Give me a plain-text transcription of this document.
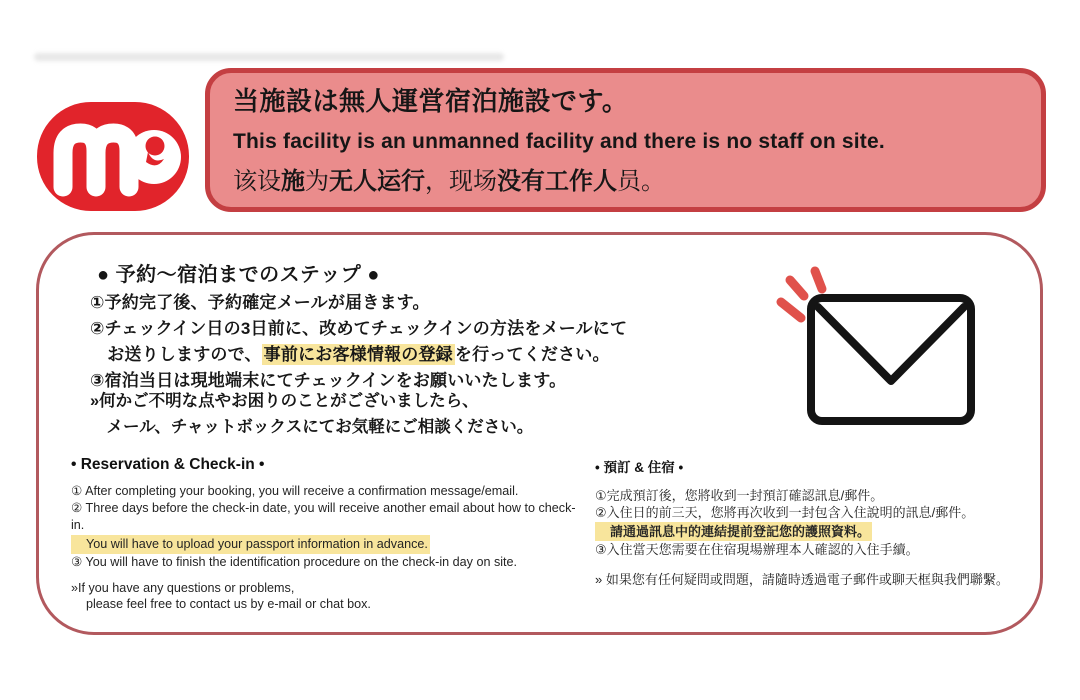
当施設は無人運営宿泊施設です。
This facility is an unmanned facility and there is no staff on site.
该设施为无人运行，现场没有工作人员。
● 予約～宿泊までのステップ ●
①予約完了後、予約確定メールが届きます。
②チェックイン日の3日前に、改めてチェックインの方法をメールにて
　お送りしますので、 事前にお客様情報の登録 を行ってください。
③宿泊当日は現地端末にてチェックインをお願いいたします。
»何かご不明な点やお困りのことがございましたら、
　メール、チャットボックスにてお気軽にご相談ください。
• Reservation & Check-in •
① After completing your booking, you will receive a confirmation message/email.
② Three days before the check-in date, you will receive another email about how to check-in.
You will have to upload your passport information in advance.
③ You will have to finish the identification procedure on the check-in day on site.
»If you have any questions or problems,
please feel free to contact us by e-mail or chat box.
• 預訂 & 住宿 •
①完成預訂後，您將收到一封預訂確認訊息/郵件。
②入住日的前三天，您將再次收到一封包含入住說明的訊息/郵件。
請通過訊息中的連結提前登記您的護照資料。
③入住當天您需要在住宿現場辦理本人確認的入住手續。
» 如果您有任何疑問或問題，請隨時透過電子郵件或聊天框與我們聯繫。
